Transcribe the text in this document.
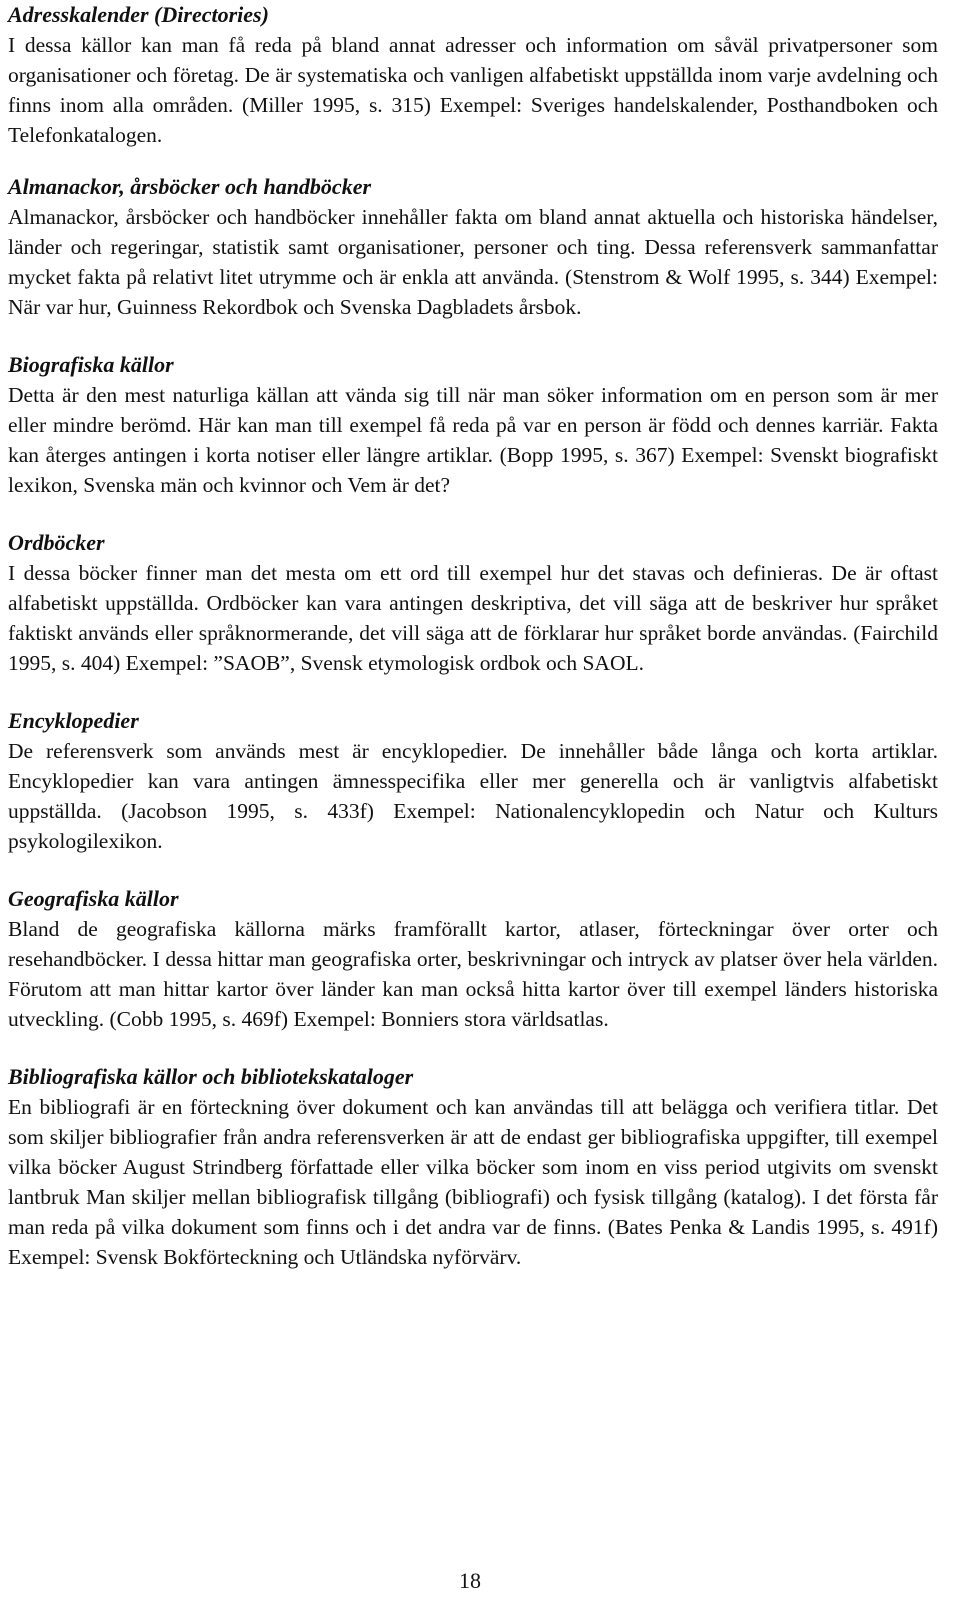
Adresskalender (Directories)

I dessa källor kan man få reda på bland annat adresser och information om såväl privatpersoner som organisationer och företag. De är systematiska och vanligen alfabetiskt uppställda inom varje avdelning och finns inom alla områden. (Miller 1995, s. 315) Exempel: Sveriges handelskalender, Posthandboken och Telefonkatalogen.

Almanackor, årsböcker och handböcker

Almanackor, årsböcker och handböcker innehåller fakta om bland annat aktuella och historiska händelser, länder och regeringar, statistik samt organisationer, personer och ting. Dessa referensverk sammanfattar mycket fakta på relativt litet utrymme och är enkla att använda. (Stenstrom & Wolf 1995, s. 344) Exempel: När var hur, Guinness Rekordbok och Svenska Dagbladets årsbok.

Biografiska källor

Detta är den mest naturliga källan att vända sig till när man söker information om en person som är mer eller mindre berömd. Här kan man till exempel få reda på var en person är född och dennes karriär. Fakta kan återges antingen i korta notiser eller längre artiklar. (Bopp 1995, s. 367) Exempel: Svenskt biografiskt lexikon, Svenska män och kvinnor och Vem är det?

Ordböcker

I dessa böcker finner man det mesta om ett ord till exempel hur det stavas och definieras. De är oftast alfabetiskt uppställda. Ordböcker kan vara antingen deskriptiva, det vill säga att de beskriver hur språket faktiskt används eller språknormerande, det vill säga att de förklarar hur språket borde användas. (Fairchild 1995, s. 404) Exempel: ”SAOB”, Svensk etymologisk ordbok och SAOL.

Encyklopedier

De referensverk som används mest är encyklopedier. De innehåller både långa och korta artiklar. Encyklopedier kan vara antingen ämnesspecifika eller mer generella och är vanligtvis alfabetiskt uppställda. (Jacobson 1995, s. 433f) Exempel: Nationalencyklopedin och Natur och Kulturs psykologilexikon.

Geografiska källor

Bland de geografiska källorna märks framförallt kartor, atlaser, förteckningar över orter och resehandböcker. I dessa hittar man geografiska orter, beskrivningar och intryck av platser över hela världen. Förutom att man hittar kartor över länder kan man också hitta kartor över till exempel länders historiska utveckling. (Cobb 1995, s. 469f) Exempel: Bonniers stora världsatlas.

Bibliografiska källor och bibliotekskataloger

En bibliografi är en förteckning över dokument och kan användas till att belägga och verifiera titlar. Det som skiljer bibliografier från andra referensverken är att de endast ger bibliografiska uppgifter, till exempel vilka böcker August Strindberg författade eller vilka böcker som inom en viss period utgivits om svenskt lantbruk Man skiljer mellan bibliografisk tillgång (bibliografi) och fysisk tillgång (katalog). I det första får man reda på vilka dokument som finns och i det andra var de finns. (Bates Penka & Landis 1995, s. 491f) Exempel: Svensk Bokförteckning och Utländska nyförvärv.

18
